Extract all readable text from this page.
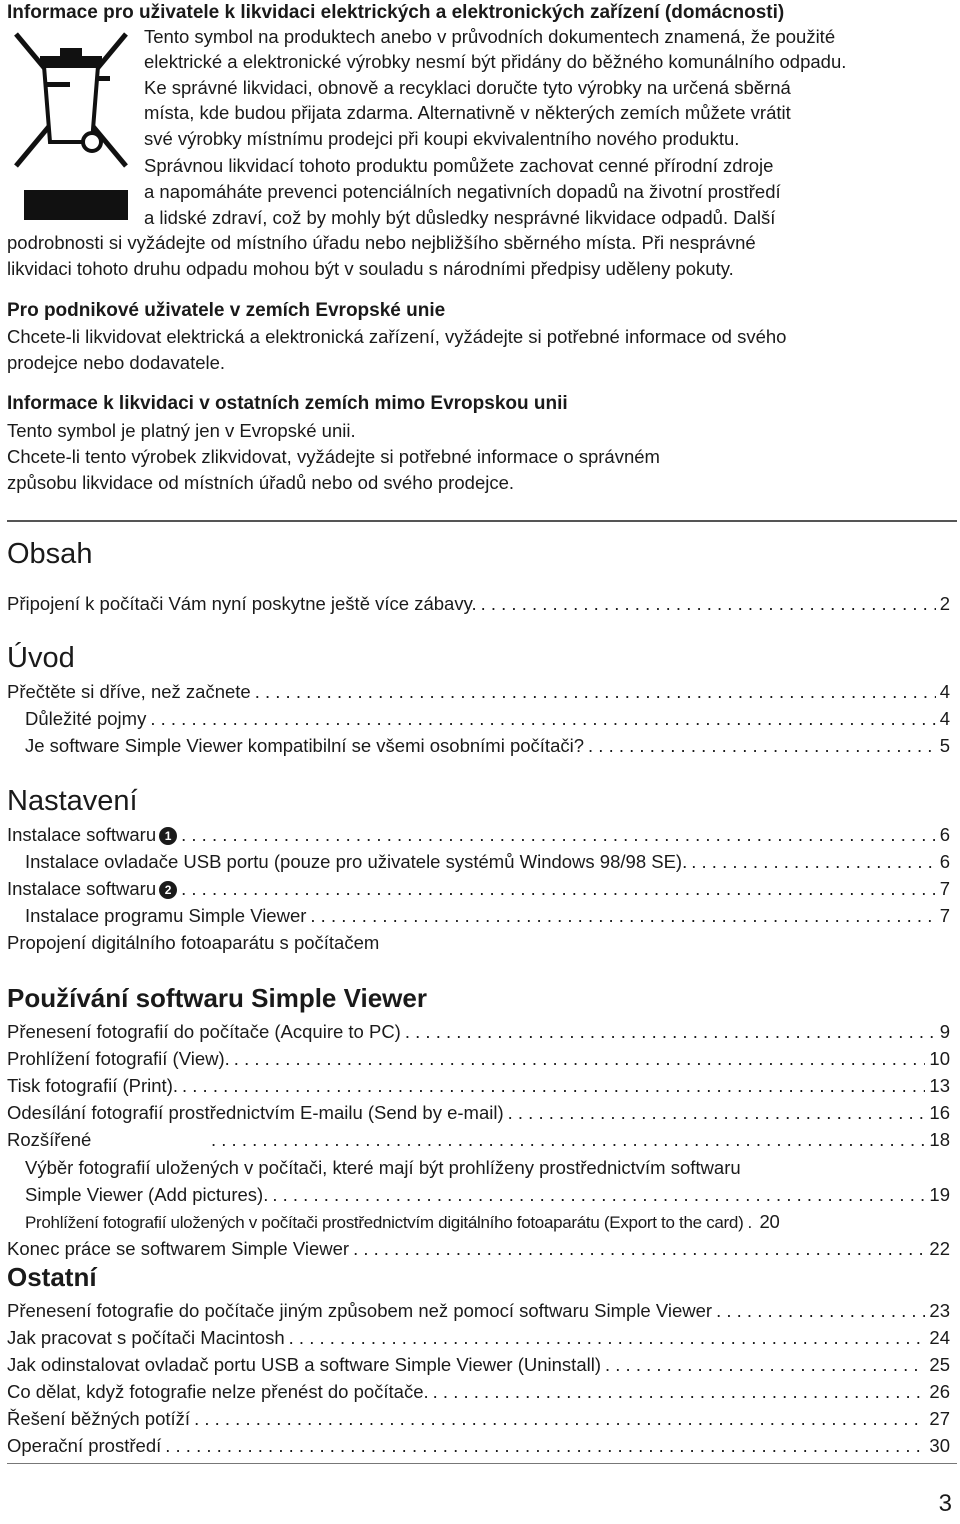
Informace pro uživatele k likvidaci elektrických a elektronických zařízení (domácnosti)
Tento symbol na produktech anebo v průvodních dokumentech znamená, že použité
elektrické a elektronické výrobky nesmí být přidány do běžného komunálního odpadu.
Ke správné likvidaci, obnově a recyklaci doručte tyto výrobky na určená sběrná
místa, kde budou přijata zdarma. Alternativně v některých zemích můžete vrátit
své výrobky místnímu prodejci při koupi ekvivalentního nového produktu.
Správnou likvidací tohoto produktu pomůžete zachovat cenné přírodní zdroje
a napomáháte prevenci potenciálních negativních dopadů na životní prostředí
a lidské zdraví, což by mohly být důsledky nesprávné likvidace odpadů. Další
podrobnosti si vyžádejte od místního úřadu nebo nejbližšího sběrného místa. Při nesprávné
likvidaci tohoto druhu odpadu mohou být v souladu s národními předpisy uděleny pokuty.
Pro podnikové uživatele v zemích Evropské unie
Chcete-li likvidovat elektrická a elektronická zařízení, vyžádejte si potřebné informace od svého
prodejce nebo dodavatele.
Informace k likvidaci v ostatních zemích mimo Evropskou unii
Tento symbol je platný jen v Evropské unii.
Chcete-li tento výrobek zlikvidovat, vyžádejte si potřebné informace o správném
způsobu likvidace od místních úřadů nebo od svého prodejce.
Obsah
Připojení k počítači Vám nyní poskytne ještě více zábavy. . . .	2
Úvod
Přečtěte si dříve, než začnete . . .	4
Důležité pojmy . . .	4
Je software Simple Viewer kompatibilní se všemi osobními počítači? . . .	5
Nastavení
Instalace softwaru 1 . . .	6
Instalace ovladače USB portu (pouze pro uživatele systémů Windows 98/98 SE). . . .	6
Instalace softwaru 2 . . .	7
Instalace programu Simple Viewer . . .	7
Propojení digitálního fotoaparátu s počítačem
Používání softwaru Simple Viewer
Přenesení fotografií do počítače (Acquire to PC) . . .	9
Prohlížení fotografií (View). . . .	10
Tisk fotografií (Print). . . .	13
Odesílání fotografií prostřednictvím E-mailu (Send by e-mail) . . .	16
Rozšířené . . .	18
Výběr fotografií uložených v počítači, které mají být prohlíženy prostřednictvím softwaru
Simple Viewer (Add pictures). . . .	19
Prohlížení fotografií uložených v počítači prostřednictvím digitálního fotoaparátu (Export to the card) . . . 20
Konec práce se softwarem Simple Viewer . . .	22
Ostatní
Přenesení fotografie do počítače jiným způsobem než pomocí softwaru Simple Viewer . . .	23
Jak pracovat s počítači Macintosh . . .	24
Jak odinstalovat ovladač portu USB a software Simple Viewer (Uninstall) . . .	25
Co dělat, když fotografie nelze přenést do počítače. . . .	26
Řešení běžných potíží . . .	27
Operační prostředí . . .	30
3
